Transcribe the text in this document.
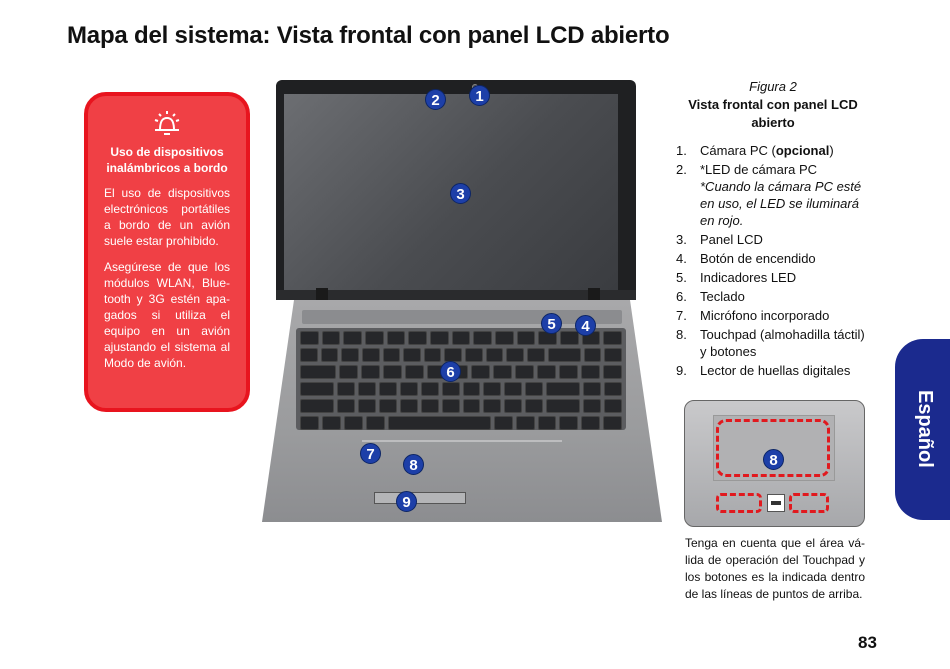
Mapa del sistema: Vista frontal con panel LCD abierto
Uso de dispositivos inalámbricos a bordo

El uso de dispositivos electrónicos portátiles a bordo de un avión suele estar prohibido.

Asegúrese de que los módulos WLAN, Blue-tooth y 3G estén apa-gados si utiliza el equipo en un avión ajustando el sistema al Modo de avión.

1
2
3
4
5
6
7
8
9
Figura 2
Vista frontal con panel LCD abierto
1. Cámara PC (opcional)
2. *LED de cámara PC
*Cuando la cámara PC esté en uso, el LED se iluminará en rojo.
3. Panel LCD
4. Botón de encendido
5. Indicadores LED
6. Teclado
7. Micrófono incorporado
8. Touchpad (almohadilla táctil) y botones
9. Lector de huellas digitales
8

Tenga en cuenta que el área vá-lida de operación del Touchpad y los botones es la indicada dentro de las líneas de puntos de arriba.

Español
83
